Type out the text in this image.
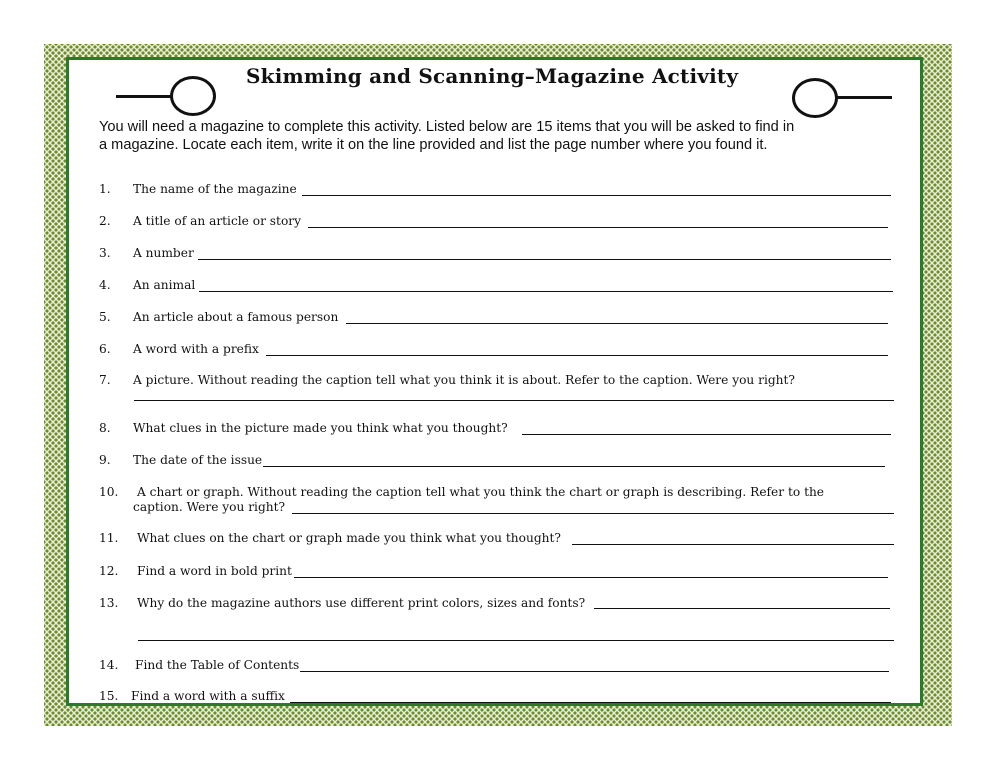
Skimming and Scanning–Magazine Activity
You will need a magazine to complete this activity. Listed below are 15 items that you will be asked to find in
a magazine. Locate each item, write it on the line provided and list the page number where you found it.
1. The name of the magazine
2. A title of an article or story
3. A number
4. An animal
5. An article about a famous person
6. A word with a prefix
7. A picture. Without reading the caption tell what you think it is about. Refer to the caption. Were you right?
8. What clues in the picture made you think what you thought?
9. The date of the issue
10. A chart or graph. Without reading the caption tell what you think the chart or graph is describing. Refer to the
caption. Were you right?
11. What clues on the chart or graph made you think what you thought?
12. Find a word in bold print
13. Why do the magazine authors use different print colors, sizes and fonts?
14. Find the Table of Contents
15. Find a word with a suffix
